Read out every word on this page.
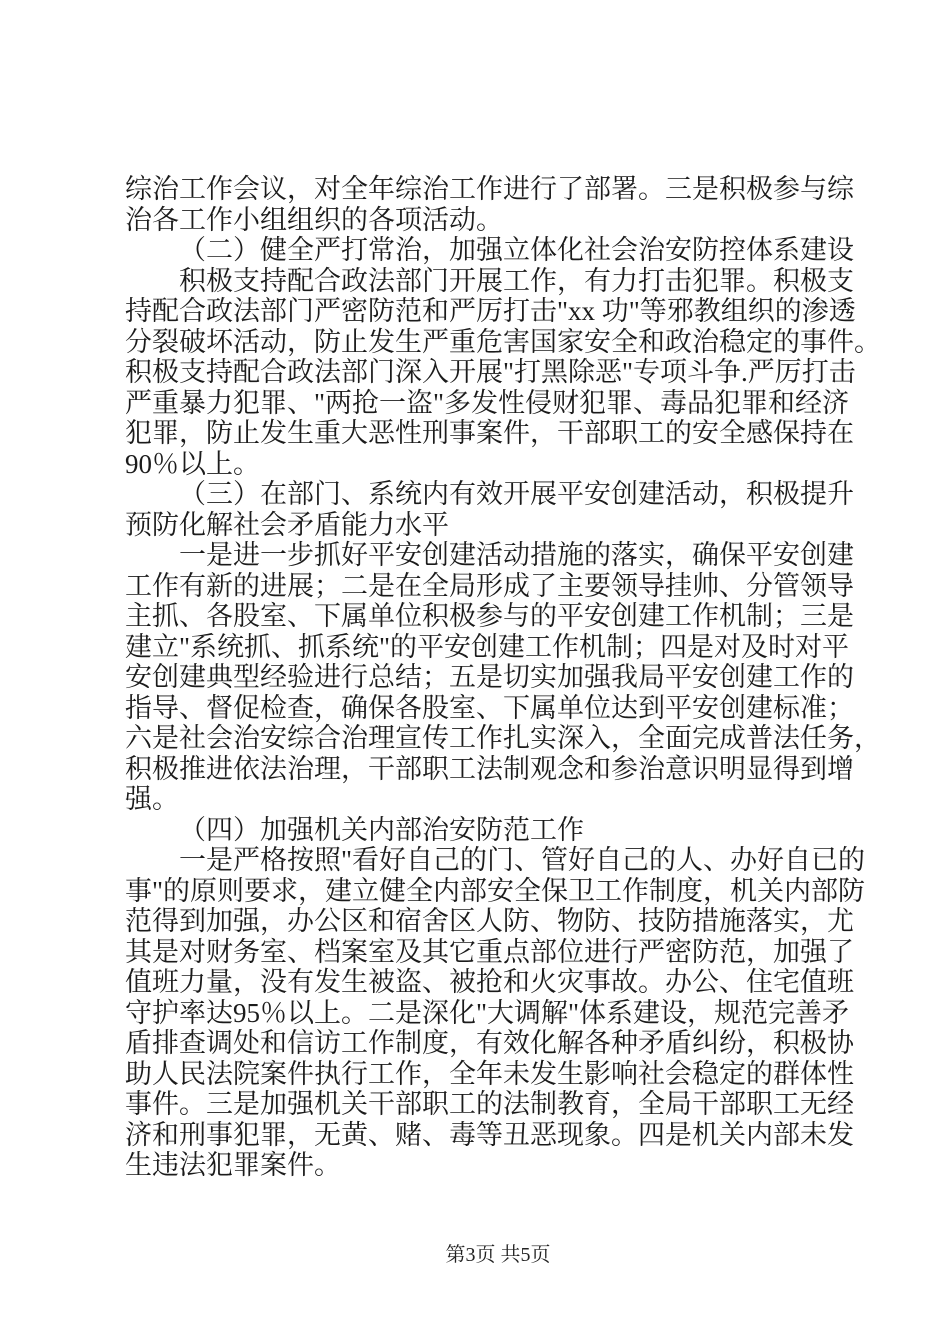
综治工作会议，对全年综治工作进行了部署。三是积极参与综
治各工作小组组织的各项活动。
（二）健全严打常治，加强立体化社会治安防控体系建设
积极支持配合政法部门开展工作，有力打击犯罪。积极支
持配合政法部门严密防范和严厉打击"xx 功"等邪教组织的渗透
分裂破坏活动，防止发生严重危害国家安全和政治稳定的事件。
积极支持配合政法部门深入开展"打黑除恶"专项斗争.严厉打击
严重暴力犯罪、"两抢一盗"多发性侵财犯罪、毒品犯罪和经济
犯罪，防止发生重大恶性刑事案件，干部职工的安全感保持在
90％以上。
（三）在部门、系统内有效开展平安创建活动，积极提升
预防化解社会矛盾能力水平
一是进一步抓好平安创建活动措施的落实，确保平安创建
工作有新的进展；二是在全局形成了主要领导挂帅、分管领导
主抓、各股室、下属单位积极参与的平安创建工作机制；三是
建立"系统抓、抓系统"的平安创建工作机制；四是对及时对平
安创建典型经验进行总结；五是切实加强我局平安创建工作的
指导、督促检查，确保各股室、下属单位达到平安创建标准；
六是社会治安综合治理宣传工作扎实深入，全面完成普法任务，
积极推进依法治理，干部职工法制观念和参治意识明显得到增
强。
（四）加强机关内部治安防范工作
一是严格按照"看好自己的门、管好自己的人、办好自已的
事"的原则要求，建立健全内部安全保卫工作制度，机关内部防
范得到加强，办公区和宿舍区人防、物防、技防措施落实，尤
其是对财务室、档案室及其它重点部位进行严密防范，加强了
值班力量，没有发生被盗、被抢和火灾事故。办公、住宅值班
守护率达95％以上。二是深化"大调解"体系建设，规范完善矛
盾排查调处和信访工作制度，有效化解各种矛盾纠纷，积极协
助人民法院案件执行工作，全年未发生影响社会稳定的群体性
事件。三是加强机关干部职工的法制教育，全局干部职工无经
济和刑事犯罪，无黄、赌、毒等丑恶现象。四是机关内部未发
生违法犯罪案件。
第3页 共5页
